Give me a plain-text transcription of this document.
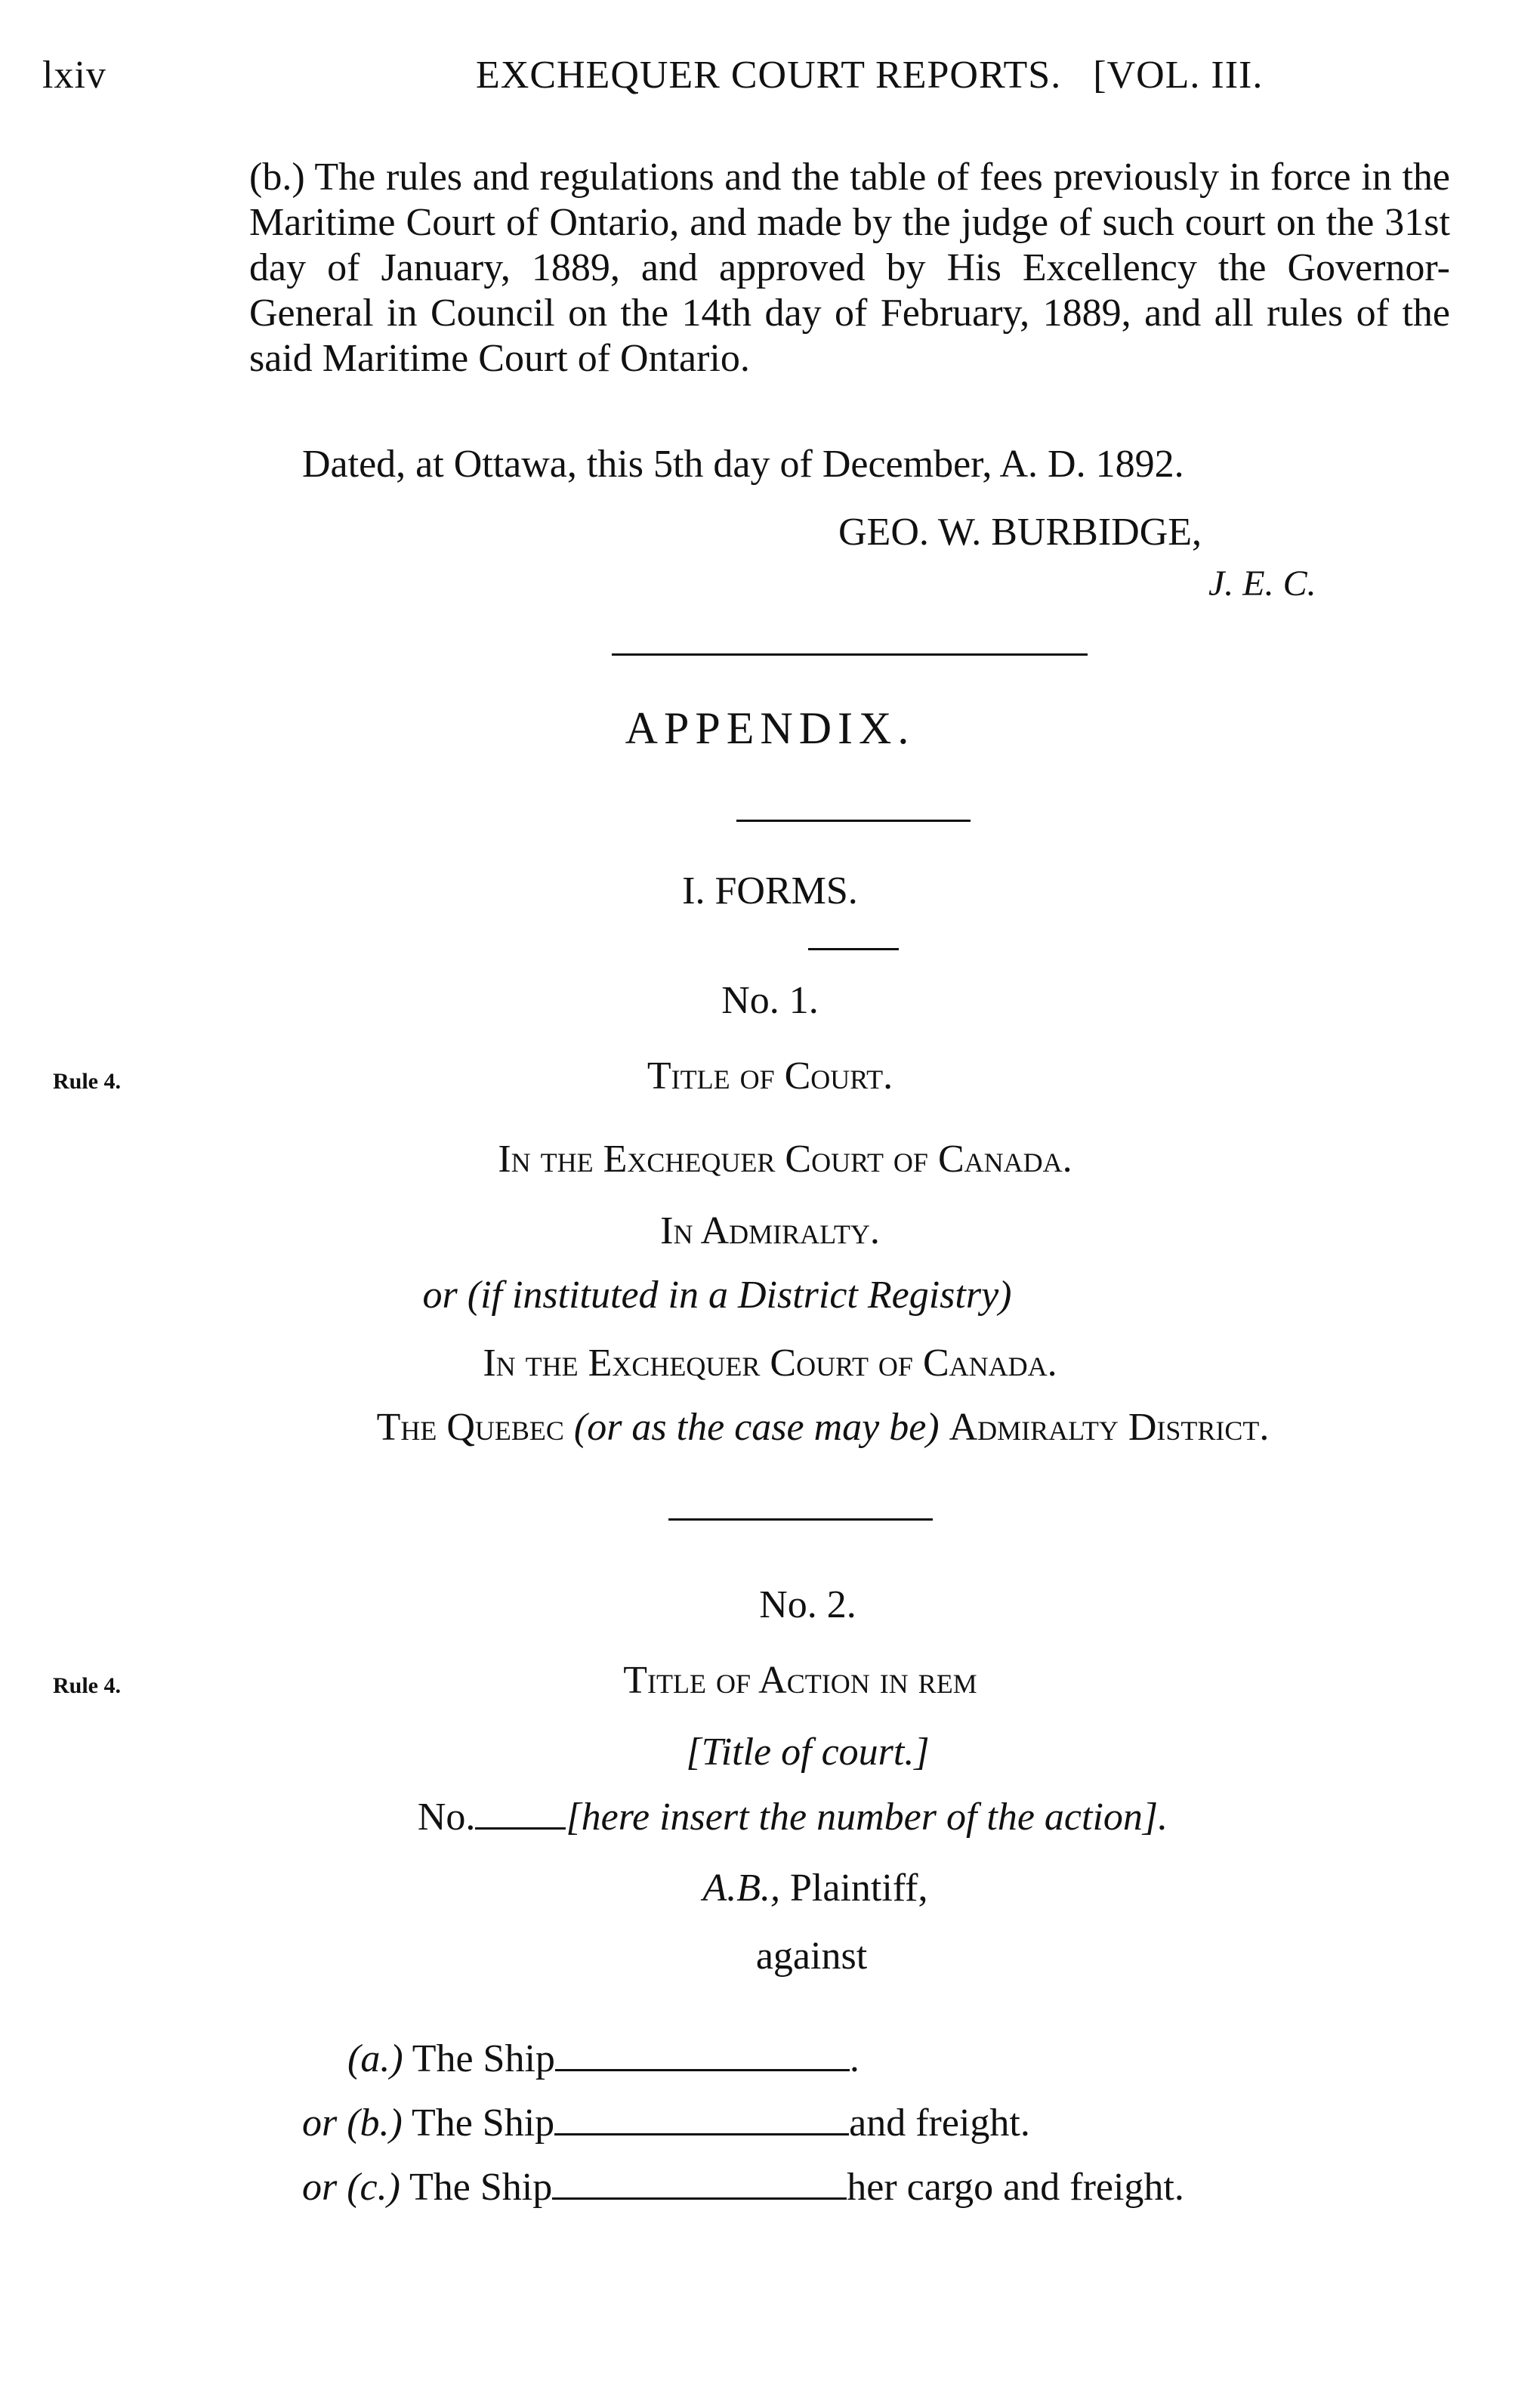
lxiv	EXCHEQUER COURT REPORTS.   [VOL. III.

(b.) The rules and regulations and the table of fees previously in force in the Maritime Court of Ontario, and made by the judge of such court on the 31st day of January, 1889, and approved by His Excellency the Governor-General in Council on the 14th day of February, 1889, and all rules of the said Maritime Court of Ontario.

Dated, at Ottawa, this 5th day of December, A. D. 1892.
GEO. W. BURBIDGE,
J. E. C.
APPENDIX.
I. FORMS.
No. 1.
Rule 4.	Title of Court.
In the Exchequer Court of Canada.
In Admiralty.
or (if instituted in a District Registry)
In the Exchequer Court of Canada.
The Quebec (or as the case may be) Admiralty District.
No. 2.
Rule 4.	Title of Action in rem
[Title of court.]
No. [here insert the number of the action].
A.B., Plaintiff,
against
(a.) The Ship	.
or (b.) The Ship	and freight.
or (c.) The Ship	her cargo and freight.
